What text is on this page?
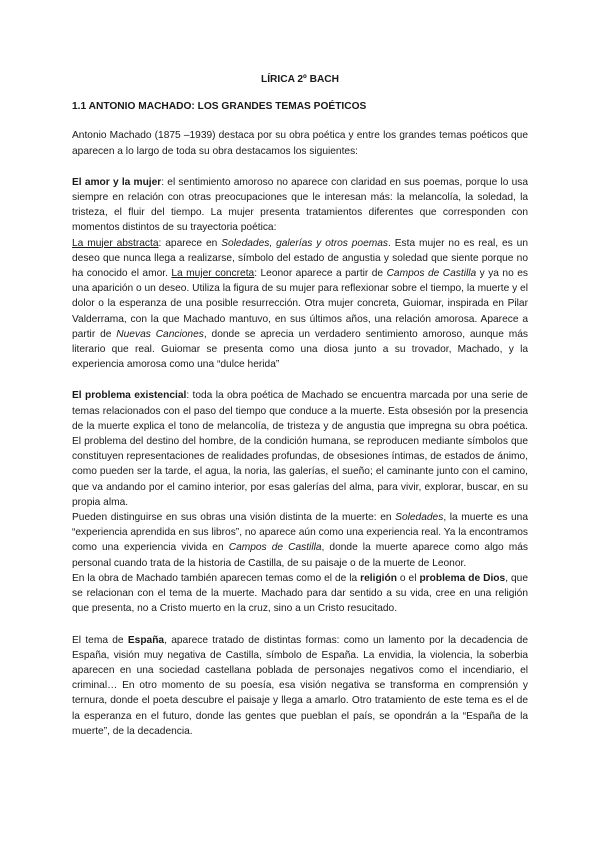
LÍRICA 2º BACH
1.1 ANTONIO MACHADO: LOS GRANDES TEMAS POÉTICOS

Antonio Machado (1875 –1939) destaca por su obra poética y entre los grandes temas poéticos que aparecen a lo largo de toda su obra destacamos los siguientes:

El amor y la mujer: el sentimiento amoroso no aparece con claridad en sus poemas, porque lo usa siempre en relación con otras preocupaciones que le interesan más: la melancolía, la soledad, la tristeza, el fluir del tiempo. La mujer presenta tratamientos diferentes que corresponden con momentos distintos de su trayectoria poética:

La mujer abstracta: aparece en Soledades, galerías y otros poemas. Esta mujer no es real, es un deseo que nunca llega a realizarse, símbolo del estado de angustia y soledad que siente porque no ha conocido el amor. La mujer concreta: Leonor aparece a partir de Campos de Castilla y ya no es una aparición o un deseo. Utiliza la figura de su mujer para reflexionar sobre el tiempo, la muerte y el dolor o la esperanza de una posible resurrección. Otra mujer concreta, Guiomar, inspirada en Pilar Valderrama, con la que Machado mantuvo, en sus últimos años, una relación amorosa. Aparece a partir de Nuevas Canciones, donde se aprecia un verdadero sentimiento amoroso, aunque más literario que real. Guiomar se presenta como una diosa junto a su trovador, Machado, y la experiencia amorosa como una “dulce herida”

El problema existencial: toda la obra poética de Machado se encuentra marcada por una serie de temas relacionados con el paso del tiempo que conduce a la muerte. Esta obsesión por la presencia de la muerte explica el tono de melancolía, de tristeza y de angustia que impregna su obra poética. El problema del destino del hombre, de la condición humana, se reproducen mediante símbolos que constituyen representaciones de realidades profundas, de obsesiones íntimas, de estados de ánimo, como pueden ser la tarde, el agua, la noria, las galerías, el sueño; el caminante junto con el camino, que va andando por el camino interior, por esas galerías del alma, para vivir, explorar, buscar, en su propia alma.

Pueden distinguirse en sus obras una visión distinta de la muerte: en Soledades, la muerte es una “experiencia aprendida en sus libros”, no aparece aún como una experiencia real. Ya la encontramos como una experiencia vivida en Campos de Castilla, donde la muerte aparece como algo más personal cuando trata de la historia de Castilla, de su paisaje o de la muerte de Leonor.

En la obra de Machado también aparecen temas como el de la religión o el problema de Dios, que se relacionan con el tema de la muerte. Machado para dar sentido a su vida, cree en una religión que presenta, no a Cristo muerto en la cruz, sino a un Cristo resucitado.

El tema de España, aparece tratado de distintas formas: como un lamento por la decadencia de España, visión muy negativa de Castilla, símbolo de España. La envidia, la violencia, la soberbia aparecen en una sociedad castellana poblada de personajes negativos como el incendiario, el criminal… En otro momento de su poesía, esa visión negativa se transforma en comprensión y ternura, donde el poeta descubre el paisaje y llega a amarlo. Otro tratamiento de este tema es el de la esperanza en el futuro, donde las gentes que pueblan el país, se opondrán a la “España de la muerte”, de la decadencia.
